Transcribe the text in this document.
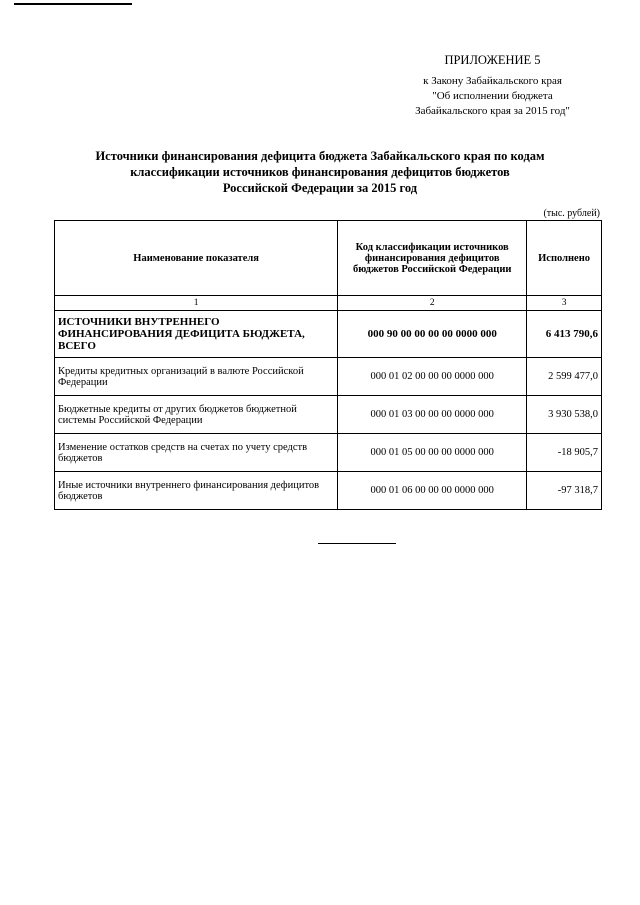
ПРИЛОЖЕНИЕ 5
к Закону Забайкальского края
"Об исполнении бюджета
Забайкальского края за 2015 год"
Источники финансирования дефицита бюджета Забайкальского края по кодам
классификации источников финансирования дефицитов бюджетов
Российской Федерации за 2015 год
(тыс. рублей)
Наименование показателя	Код классификации источников финансирования дефицитов бюджетов Российской Федерации	Исполнено
1	2	3
ИСТОЧНИКИ ВНУТРЕННЕГО ФИНАНСИРОВАНИЯ ДЕФИЦИТА БЮДЖЕТА, ВСЕГО	000 90 00 00 00 00 0000 000	6 413 790,6
Кредиты кредитных организаций в валюте Российской Федерации	000 01 02 00 00 00 0000 000	2 599 477,0
Бюджетные кредиты от других бюджетов бюджетной системы Российской Федерации	000 01 03 00 00 00 0000 000	3 930 538,0
Изменение остатков средств на счетах по учету средств бюджетов	000 01 05 00 00 00 0000 000	-18 905,7
Иные источники внутреннего финансирования дефицитов бюджетов	000 01 06 00 00 00 0000 000	-97 318,7
